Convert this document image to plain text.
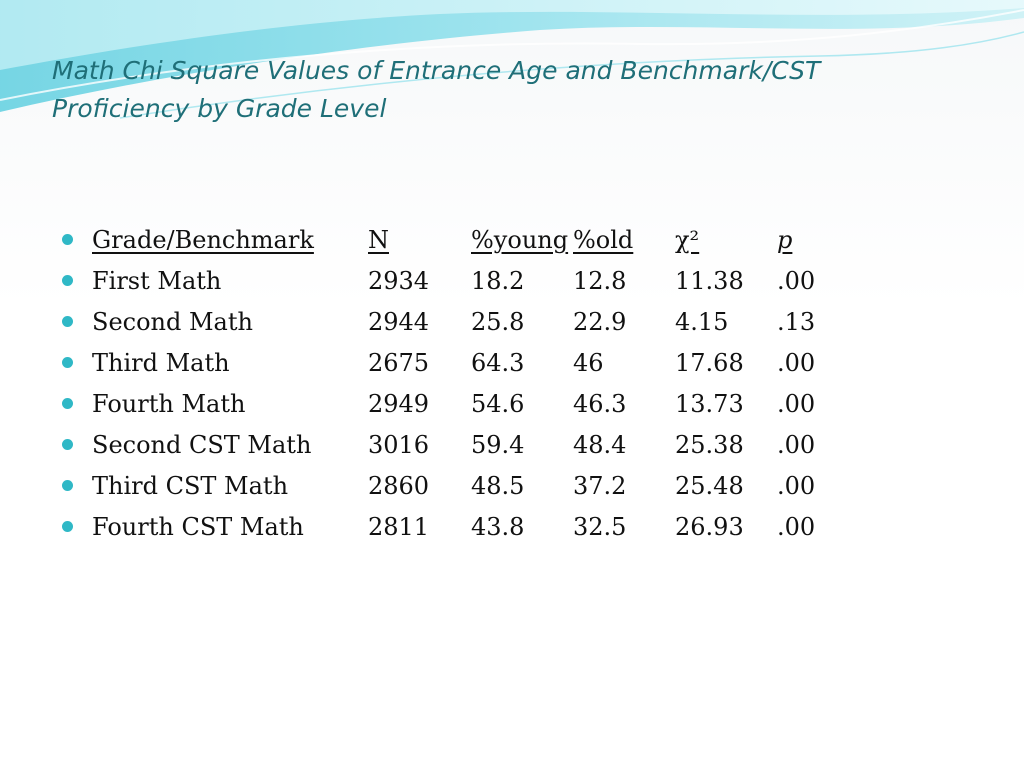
Math Chi Square Values of Entrance Age and Benchmark/CST
Proficiency by Grade Level
Grade/Benchmark N	%young %old χ²	p
First Math	2934 18.2 12.8 11.38 .00
Second Math	2944 25.8 22.9 4.15 .13
Third Math	2675 64.3 46	17.68 .00
Fourth Math	2949 54.6 46.3 13.73 .00
Second CST Math 3016 59.4 48.4 25.38 .00
Third CST Math	2860 48.5 37.2 25.48 .00
Fourth CST Math	2811 43.8 32.5 26.93 .00
